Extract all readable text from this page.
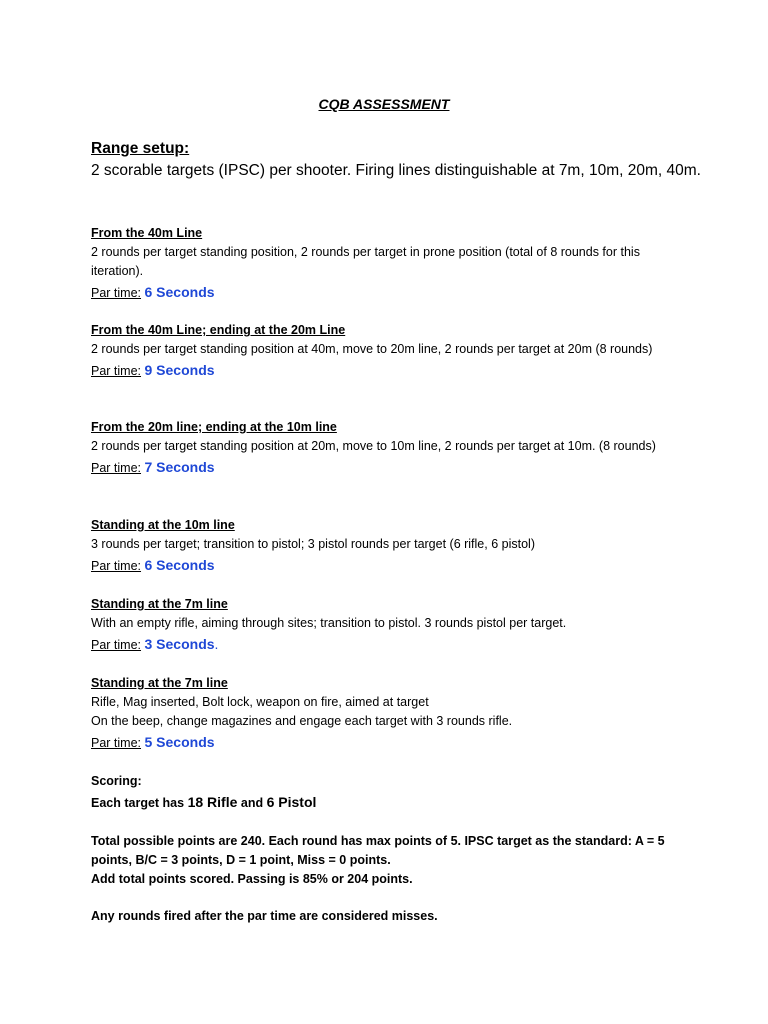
CQB ASSESSMENT
Range setup:
2 scorable targets (IPSC) per shooter. Firing lines distinguishable at 7m, 10m, 20m, 40m.
From the 40m Line
2 rounds per target standing position, 2 rounds per target in prone position (total of 8 rounds for this iteration).
Par time: 6 Seconds
From the 40m Line; ending at the 20m Line
2 rounds per target standing position at 40m, move to 20m line, 2 rounds per target at 20m (8 rounds)
Par time: 9 Seconds
From the 20m line; ending at the 10m line
2 rounds per target standing position at 20m, move to 10m line, 2 rounds per target at 10m. (8 rounds)
Par time: 7 Seconds
Standing at the 10m line
3 rounds per target; transition to pistol; 3 pistol rounds per target (6 rifle, 6 pistol)
Par time: 6 Seconds
Standing at the 7m line
With an empty rifle, aiming through sites; transition to pistol. 3 rounds pistol per target.
Par time: 3 Seconds.
Standing at the 7m line
Rifle, Mag inserted, Bolt lock, weapon on fire, aimed at target
On the beep, change magazines and engage each target with 3 rounds rifle.
Par time: 5 Seconds
Scoring:
Each target has 18 Rifle and 6 Pistol
Total possible points are 240. Each round has max points of 5. IPSC target as the standard: A = 5 points, B/C = 3 points, D = 1 point, Miss = 0 points.
Add total points scored. Passing is 85% or 204 points.
Any rounds fired after the par time are considered misses.
